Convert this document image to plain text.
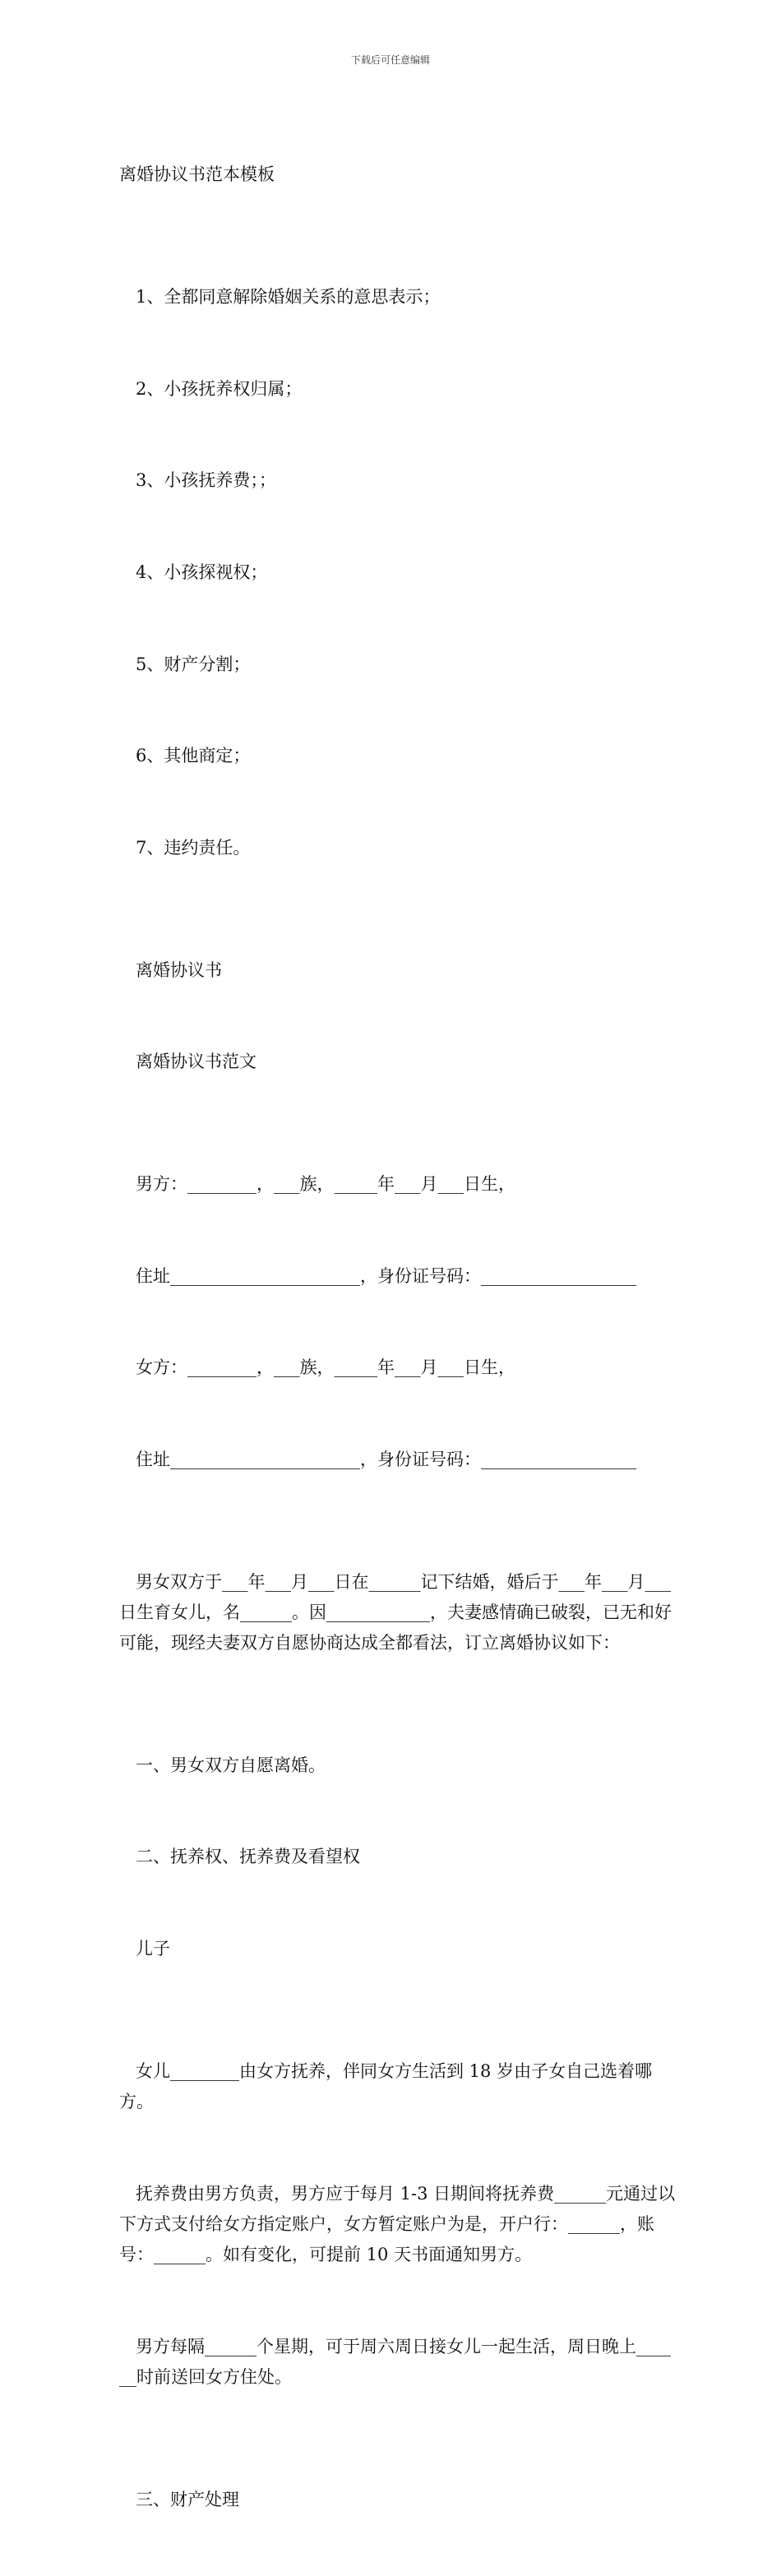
下载后可任意编辑

离婚协议书范本模板

1、全都同意解除婚姻关系的意思表示；

2、小孩抚养权归属；

3、小孩抚养费；；

4、小孩探视权；

5、财产分割；

6、其他商定；

7、违约责任。

离婚协议书

离婚协议书范文

男方：________，___族，_____年___月___日生，

住址______________________，身份证号码：__________________

女方：________，___族，_____年___月___日生，

住址______________________，身份证号码：__________________

男女双方于___年___月___日在______记下结婚，婚后于___年___月___日生育女儿，名______。因____________，夫妻感情确已破裂，已无和好可能，现经夫妻双方自愿协商达成全都看法，订立离婚协议如下：

一、男女双方自愿离婚。

二、抚养权、抚养费及看望权

儿子

女儿________由女方抚养，伴同女方生活到 18 岁由子女自己选着哪方。

抚养费由男方负责，男方应于每月 1-3 日期间将抚养费______元通过以下方式支付给女方指定账户，女方暂定账户为是，开户行：______，账号：______。如有变化，可提前 10 天书面通知男方。

男方每隔______个星期，可于周六周日接女儿一起生活，周日晚上______时前送回女方住处。

三、财产处理
